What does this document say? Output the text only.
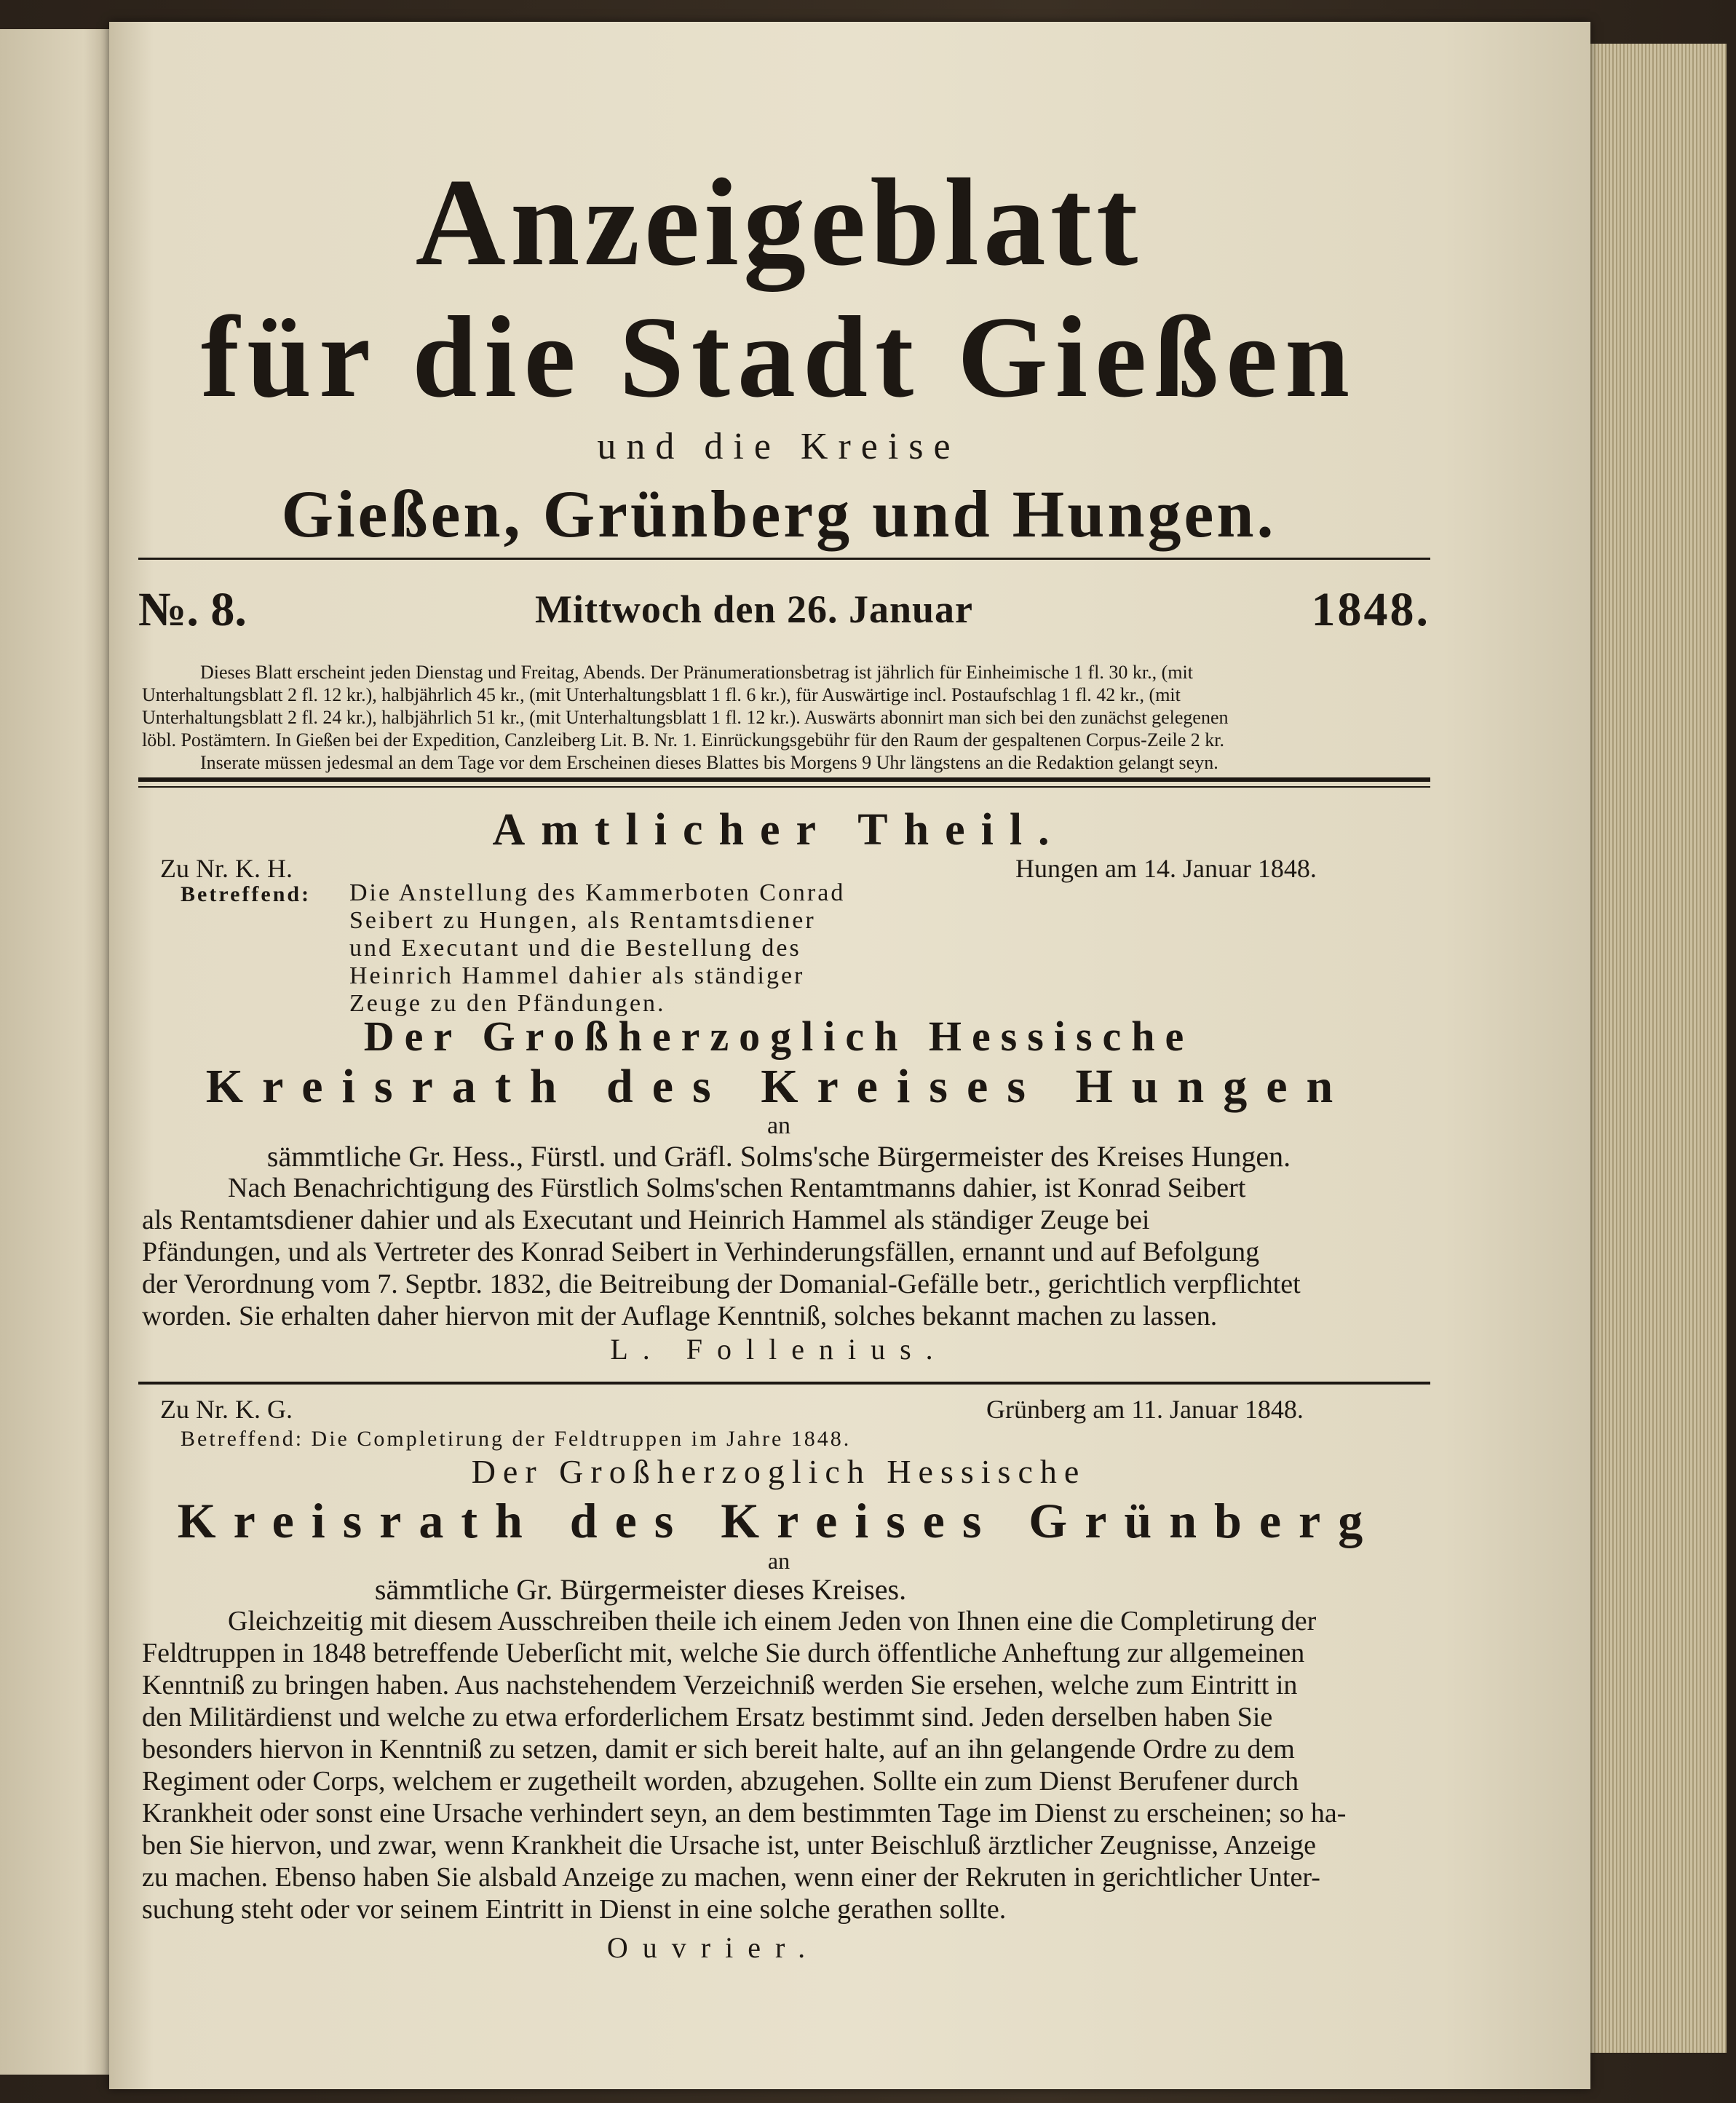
Anzeigeblatt
für die Stadt Gießen
und die Kreise
Gießen, Grünberg und Hungen.
№. 8.	Mittwoch den 26. Januar	1848.
Dieses Blatt erscheint jeden Dienstag und Freitag, Abends. Der Pränumerationsbetrag ist jährlich für Einheimische 1 fl. 30 kr., (mit
Unterhaltungsblatt 2 fl. 12 kr.), halbjährlich 45 kr., (mit Unterhaltungsblatt 1 fl. 6 kr.), für Auswärtige incl. Postaufschlag 1 fl. 42 kr., (mit
Unterhaltungsblatt 2 fl. 24 kr.), halbjährlich 51 kr., (mit Unterhaltungsblatt 1 fl. 12 kr.). Auswärts abonnirt man sich bei den zunächst gelegenen
löbl. Postämtern. In Gießen bei der Expedition, Canzleiberg Lit. B. Nr. 1. Einrückungsgebühr für den Raum der gespaltenen Corpus-Zeile 2 kr.
Inserate müssen jedesmal an dem Tage vor dem Erscheinen dieses Blattes bis Morgens 9 Uhr längstens an die Redaktion gelangt seyn.
Amtlicher Theil.
Zu Nr. K. H.	Hungen am 14. Januar 1848.
Betreffend: Die Anstellung des Kammerboten Conrad
Seibert zu Hungen, als Rentamtsdiener
und Executant und die Bestellung des
Heinrich Hammel dahier als ständiger
Zeuge zu den Pfändungen.
Der Großherzoglich Hessische
Kreisrath des Kreises Hungen
an
sämmtliche Gr. Hess., Fürstl. und Gräfl. Solms'sche Bürgermeister des Kreises Hungen.
Nach Benachrichtigung des Fürstlich Solms'schen Rentamtmanns dahier, ist Konrad Seibert
als Rentamtsdiener dahier und als Executant und Heinrich Hammel als ständiger Zeuge bei
Pfändungen, und als Vertreter des Konrad Seibert in Verhinderungsfällen, ernannt und auf Befolgung
der Verordnung vom 7. Septbr. 1832, die Beitreibung der Domanial-Gefälle betr., gerichtlich verpflichtet
worden. Sie erhalten daher hiervon mit der Auflage Kenntniß, solches bekannt machen zu lassen.
L. Follenius.
Zu Nr. K. G.	Grünberg am 11. Januar 1848.
Betreffend: Die Completirung der Feldtruppen im Jahre 1848.
Der Großherzoglich Hessische
Kreisrath des Kreises Grünberg
an
sämmtliche Gr. Bürgermeister dieses Kreises.
Gleichzeitig mit diesem Ausschreiben theile ich einem Jeden von Ihnen eine die Completirung der
Feldtruppen in 1848 betreffende Ueberſicht mit, welche Sie durch öffentliche Anheftung zur allgemeinen
Kenntniß zu bringen haben. Aus nachstehendem Verzeichniß werden Sie ersehen, welche zum Eintritt in
den Militärdienst und welche zu etwa erforderlichem Ersatz bestimmt sind. Jeden derselben haben Sie
besonders hiervon in Kenntniß zu setzen, damit er sich bereit halte, auf an ihn gelangende Ordre zu dem
Regiment oder Corps, welchem er zugetheilt worden, abzugehen. Sollte ein zum Dienst Berufener durch
Krankheit oder sonst eine Ursache verhindert seyn, an dem bestimmten Tage im Dienst zu erscheinen; so ha-
ben Sie hiervon, und zwar, wenn Krankheit die Ursache ist, unter Beischluß ärztlicher Zeugnisse, Anzeige
zu machen. Ebenso haben Sie alsbald Anzeige zu machen, wenn einer der Rekruten in gerichtlicher Unter-
suchung steht oder vor seinem Eintritt in Dienst in eine solche gerathen sollte.
Ouvrier.
